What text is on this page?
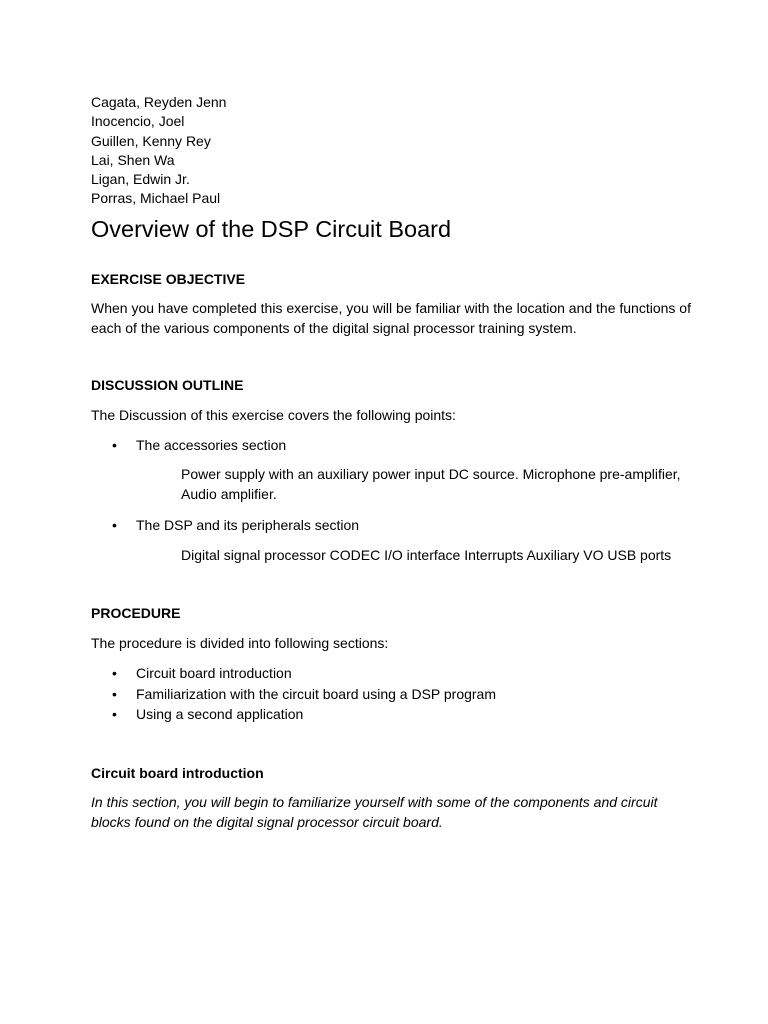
Cagata, Reyden Jenn
Inocencio, Joel
Guillen, Kenny Rey
Lai, Shen Wa
Ligan, Edwin Jr.
Porras, Michael Paul
Overview of the DSP Circuit Board
EXERCISE OBJECTIVE

When you have completed this exercise, you will be familiar with the location and the functions of each of the various components of the digital signal processor training system.

DISCUSSION OUTLINE

The Discussion of this exercise covers the following points:

• The accessories section
Power supply with an auxiliary power input DC source. Microphone pre-amplifier, Audio amplifier.
• The DSP and its peripherals section
Digital signal processor CODEC I/O interface Interrupts Auxiliary VO USB ports
PROCEDURE

The procedure is divided into following sections:

• Circuit board introduction
• Familiarization with the circuit board using a DSP program
• Using a second application
Circuit board introduction

In this section, you will begin to familiarize yourself with some of the components and circuit blocks found on the digital signal processor circuit board.
